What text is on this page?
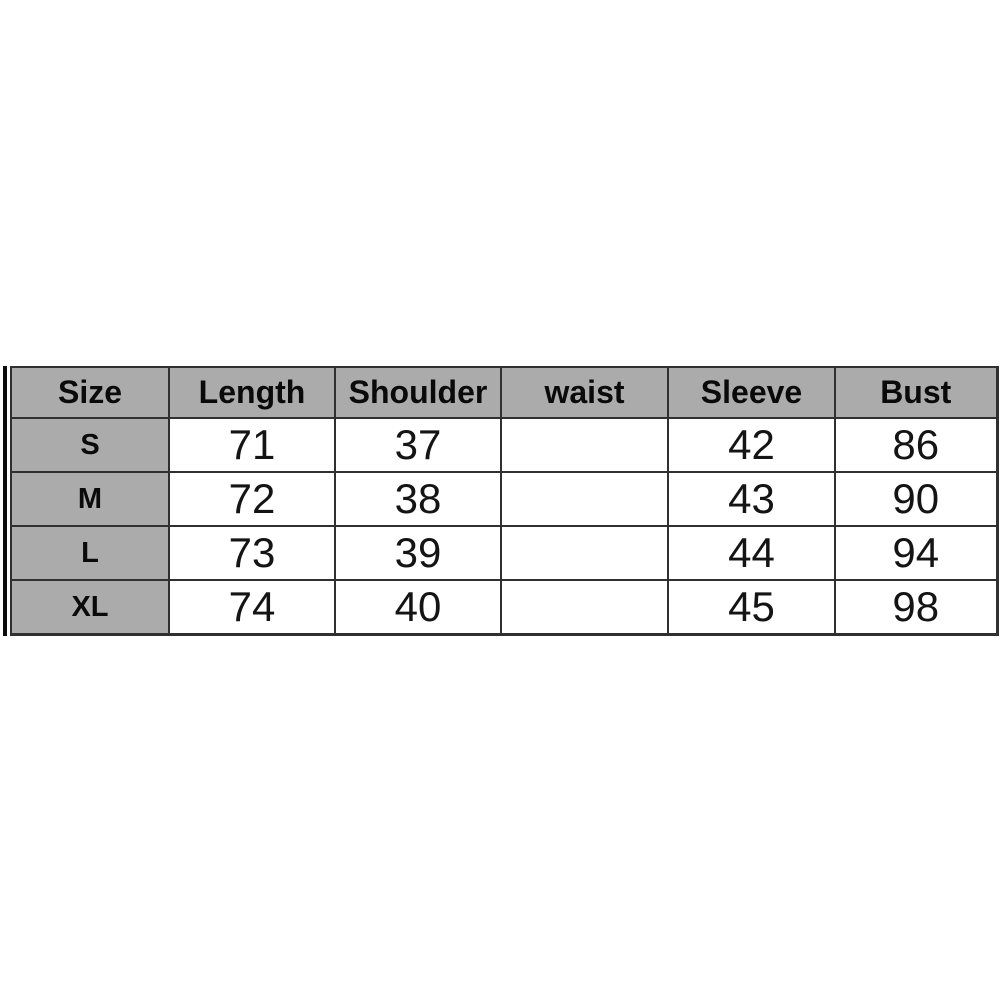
Size	Length	Shoulder	waist	Sleeve	Bust
S	71	37		42	86
M	72	38		43	90
L	73	39		44	94
XL	74	40		45	98
